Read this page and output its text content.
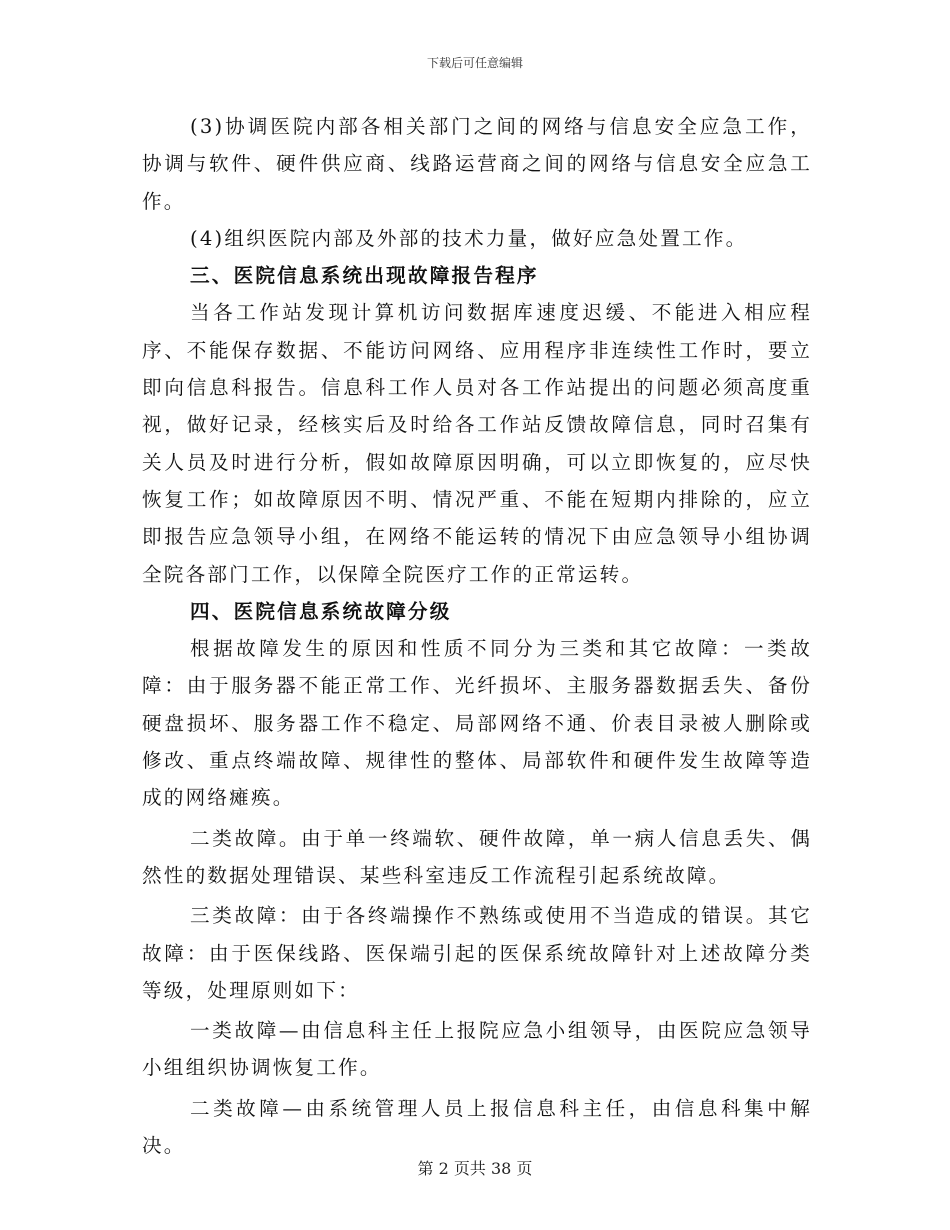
下载后可任意编辑

(3)协调医院内部各相关部门之间的网络与信息安全应急工作，协调与软件、硬件供应商、线路运营商之间的网络与信息安全应急工作。

(4)组织医院内部及外部的技术力量，做好应急处置工作。

三、医院信息系统出现故障报告程序

当各工作站发现计算机访问数据库速度迟缓、不能进入相应程序、不能保存数据、不能访问网络、应用程序非连续性工作时，要立即向信息科报告。信息科工作人员对各工作站提出的问题必须高度重视，做好记录，经核实后及时给各工作站反馈故障信息，同时召集有关人员及时进行分析，假如故障原因明确，可以立即恢复的，应尽快恢复工作；如故障原因不明、情况严重、不能在短期内排除的，应立即报告应急领导小组，在网络不能运转的情况下由应急领导小组协调全院各部门工作，以保障全院医疗工作的正常运转。

四、医院信息系统故障分级

根据故障发生的原因和性质不同分为三类和其它故障：一类故障：由于服务器不能正常工作、光纤损坏、主服务器数据丢失、备份硬盘损坏、服务器工作不稳定、局部网络不通、价表目录被人删除或修改、重点终端故障、规律性的整体、局部软件和硬件发生故障等造成的网络瘫痪。

二类故障。由于单一终端软、硬件故障，单一病人信息丢失、偶然性的数据处理错误、某些科室违反工作流程引起系统故障。

三类故障：由于各终端操作不熟练或使用不当造成的错误。其它故障：由于医保线路、医保端引起的医保系统故障针对上述故障分类等级，处理原则如下：

一类故障—由信息科主任上报院应急小组领导，由医院应急领导小组组织协调恢复工作。

二类故障—由系统管理人员上报信息科主任，由信息科集中解决。

第 2 页共 38 页
